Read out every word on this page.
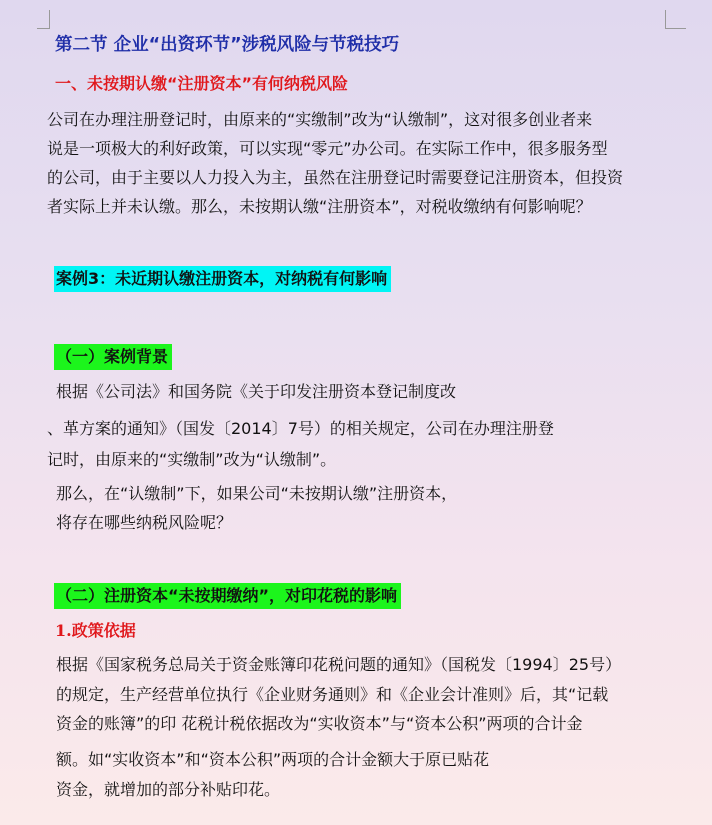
第二节 企业“出资环节”涉税风险与节税技巧
一、未按期认缴“注册资本”有何纳税风险
公司在办理注册登记时，由原来的“实缴制”改为“认缴制”，这对很多创业者来
说是一项极大的利好政策，可以实现“零元”办公司。在实际工作中，很多服务型
的公司，由于主要以人力投入为主，虽然在注册登记时需要登记注册资本，但投资
者实际上并未认缴。那么，未按期认缴“注册资本”，对税收缴纳有何影响呢？
案例3：未近期认缴注册资本，对纳税有何影响
（一）案例背景
根据《公司法》和国务院《关于印发注册资本登记制度改
、革方案的通知》（国发〔2014〕7号）的相关规定，公司在办理注册登
记时，由原来的“实缴制”改为“认缴制”。
那么，在“认缴制”下，如果公司“未按期认缴”注册资本，
将存在哪些纳税风险呢？
（二）注册资本“未按期缴纳”，对印花税的影响
1.政策依据
根据《国家税务总局关于资金账簿印花税问题的通知》（国税发〔1994〕25号）
的规定，生产经营单位执行《企业财务通则》和《企业会计准则》后，其“记载
资金的账簿”的印 花税计税依据改为“实收资本”与“资本公积”两项的合计金
额。如“实收资本”和“资本公积”两项的合计金额大于原已贴花
资金，就增加的部分补贴印花。
